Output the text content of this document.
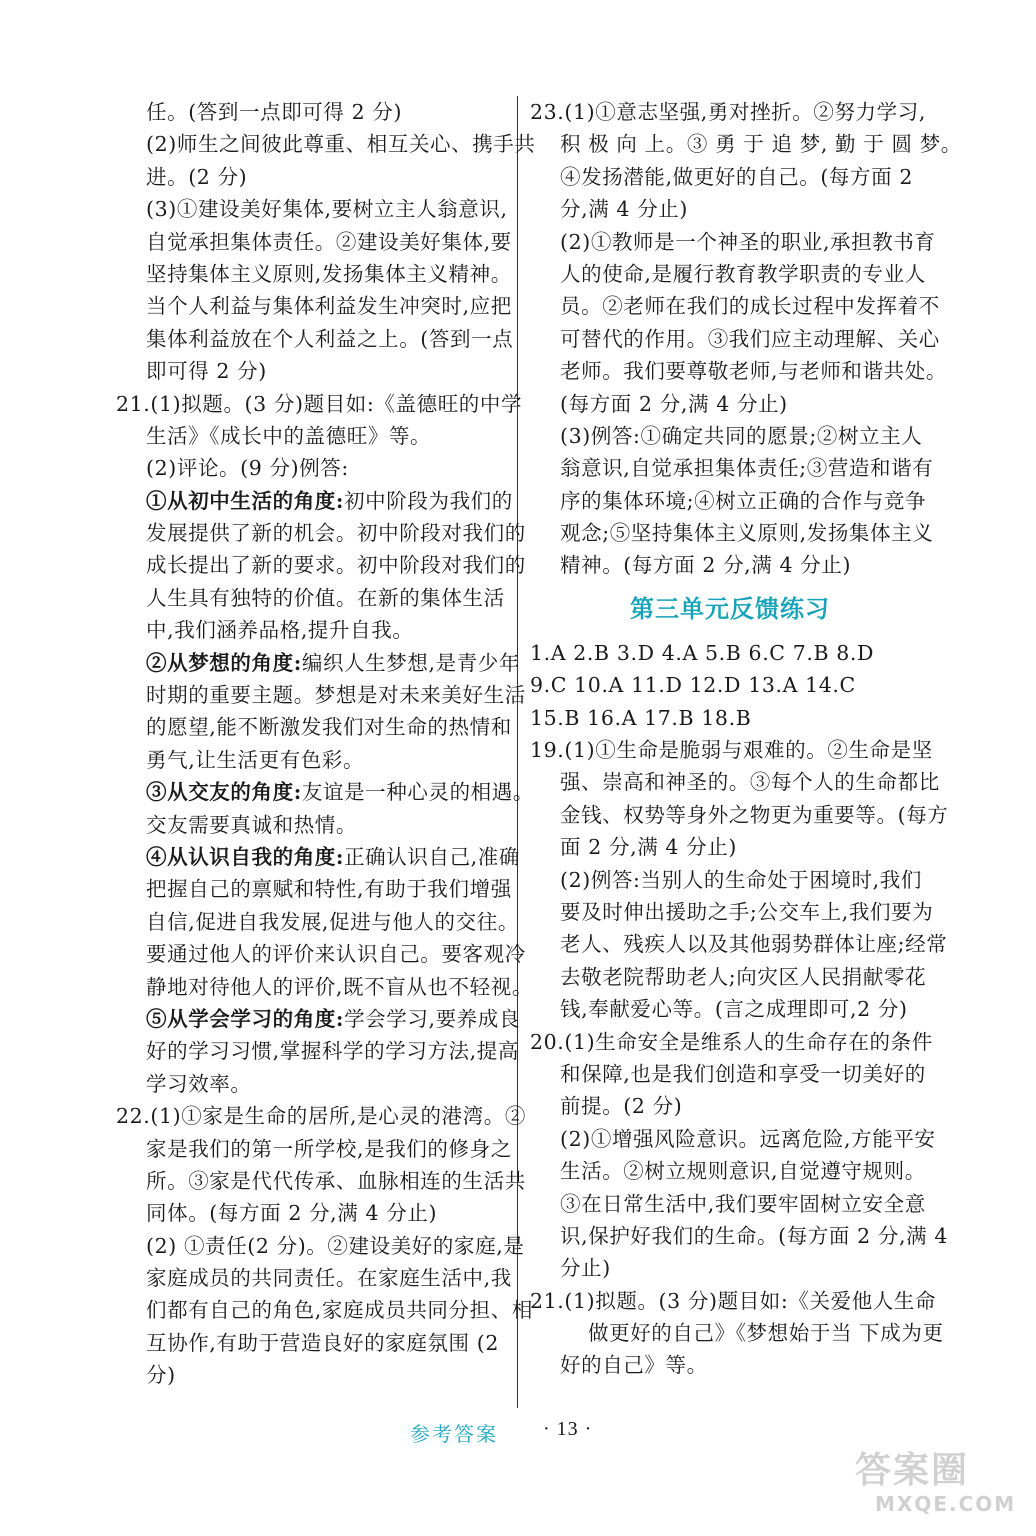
任。(答到一点即可得 2 分)
(2)师生之间彼此尊重、相互关心、携手共
进。(2 分)
(3)①建设美好集体,要树立主人翁意识,
自觉承担集体责任。②建设美好集体,要
坚持集体主义原则,发扬集体主义精神。
当个人利益与集体利益发生冲突时,应把
集体利益放在个人利益之上。(答到一点
即可得 2 分)
21.(1)拟题。(3 分)题目如:《盖德旺的中学
生活》《成长中的盖德旺》等。
(2)评论。(9 分)例答:
①从初中生活的角度:初中阶段为我们的
发展提供了新的机会。初中阶段对我们的
成长提出了新的要求。初中阶段对我们的
人生具有独特的价值。在新的集体生活
中,我们涵养品格,提升自我。
②从梦想的角度:编织人生梦想,是青少年
时期的重要主题。梦想是对未来美好生活
的愿望,能不断激发我们对生命的热情和
勇气,让生活更有色彩。
③从交友的角度:友谊是一种心灵的相遇。
交友需要真诚和热情。
④从认识自我的角度:正确认识自己,准确
把握自己的禀赋和特性,有助于我们增强
自信,促进自我发展,促进与他人的交往。
要通过他人的评价来认识自己。要客观冷
静地对待他人的评价,既不盲从也不轻视。
⑤从学会学习的角度:学会学习,要养成良
好的学习习惯,掌握科学的学习方法,提高
学习效率。
22.(1)①家是生命的居所,是心灵的港湾。②
家是我们的第一所学校,是我们的修身之
所。③家是代代传承、血脉相连的生活共
同体。(每方面 2 分,满 4 分止)
(2) ①责任(2 分)。②建设美好的家庭,是
家庭成员的共同责任。在家庭生活中,我
们都有自己的角色,家庭成员共同分担、相
互协作,有助于营造良好的家庭氛围 (2
分)
23.(1)①意志坚强,勇对挫折。②努力学习,
积 极 向 上。③ 勇 于 追 梦, 勤 于 圆 梦。
④发扬潜能,做更好的自己。(每方面 2
分,满 4 分止)
(2)①教师是一个神圣的职业,承担教书育
人的使命,是履行教育教学职责的专业人
员。②老师在我们的成长过程中发挥着不
可替代的作用。③我们应主动理解、关心
老师。我们要尊敬老师,与老师和谐共处。
(每方面 2 分,满 4 分止)
(3)例答:①确定共同的愿景;②树立主人
翁意识,自觉承担集体责任;③营造和谐有
序的集体环境;④树立正确的合作与竞争
观念;⑤坚持集体主义原则,发扬集体主义
精神。(每方面 2 分,满 4 分止)
第三单元反馈练习
1.A 2.B 3.D 4.A 5.B 6.C 7.B 8.D
9.C 10.A 11.D 12.D 13.A 14.C
15.B 16.A 17.B 18.B
19.(1)①生命是脆弱与艰难的。②生命是坚
强、崇高和神圣的。③每个人的生命都比
金钱、权势等身外之物更为重要等。(每方
面 2 分,满 4 分止)
(2)例答:当别人的生命处于困境时,我们
要及时伸出援助之手;公交车上,我们要为
老人、残疾人以及其他弱势群体让座;经常
去敬老院帮助老人;向灾区人民捐献零花
钱,奉献爱心等。(言之成理即可,2 分)
20.(1)生命安全是维系人的生命存在的条件
和保障,也是我们创造和享受一切美好的
前提。(2 分)
(2)①增强风险意识。远离危险,方能平安
生活。②树立规则意识,自觉遵守规则。
③在日常生活中,我们要牢固树立安全意
识,保护好我们的生命。(每方面 2 分,满 4
分止)
21.(1)拟题。(3 分)题目如:《关爱他人生命
做更好的自己》《梦想始于当 下成为更
好的自己》等。
参考答案 · 13 ·
答案圈
MXQE.COM
